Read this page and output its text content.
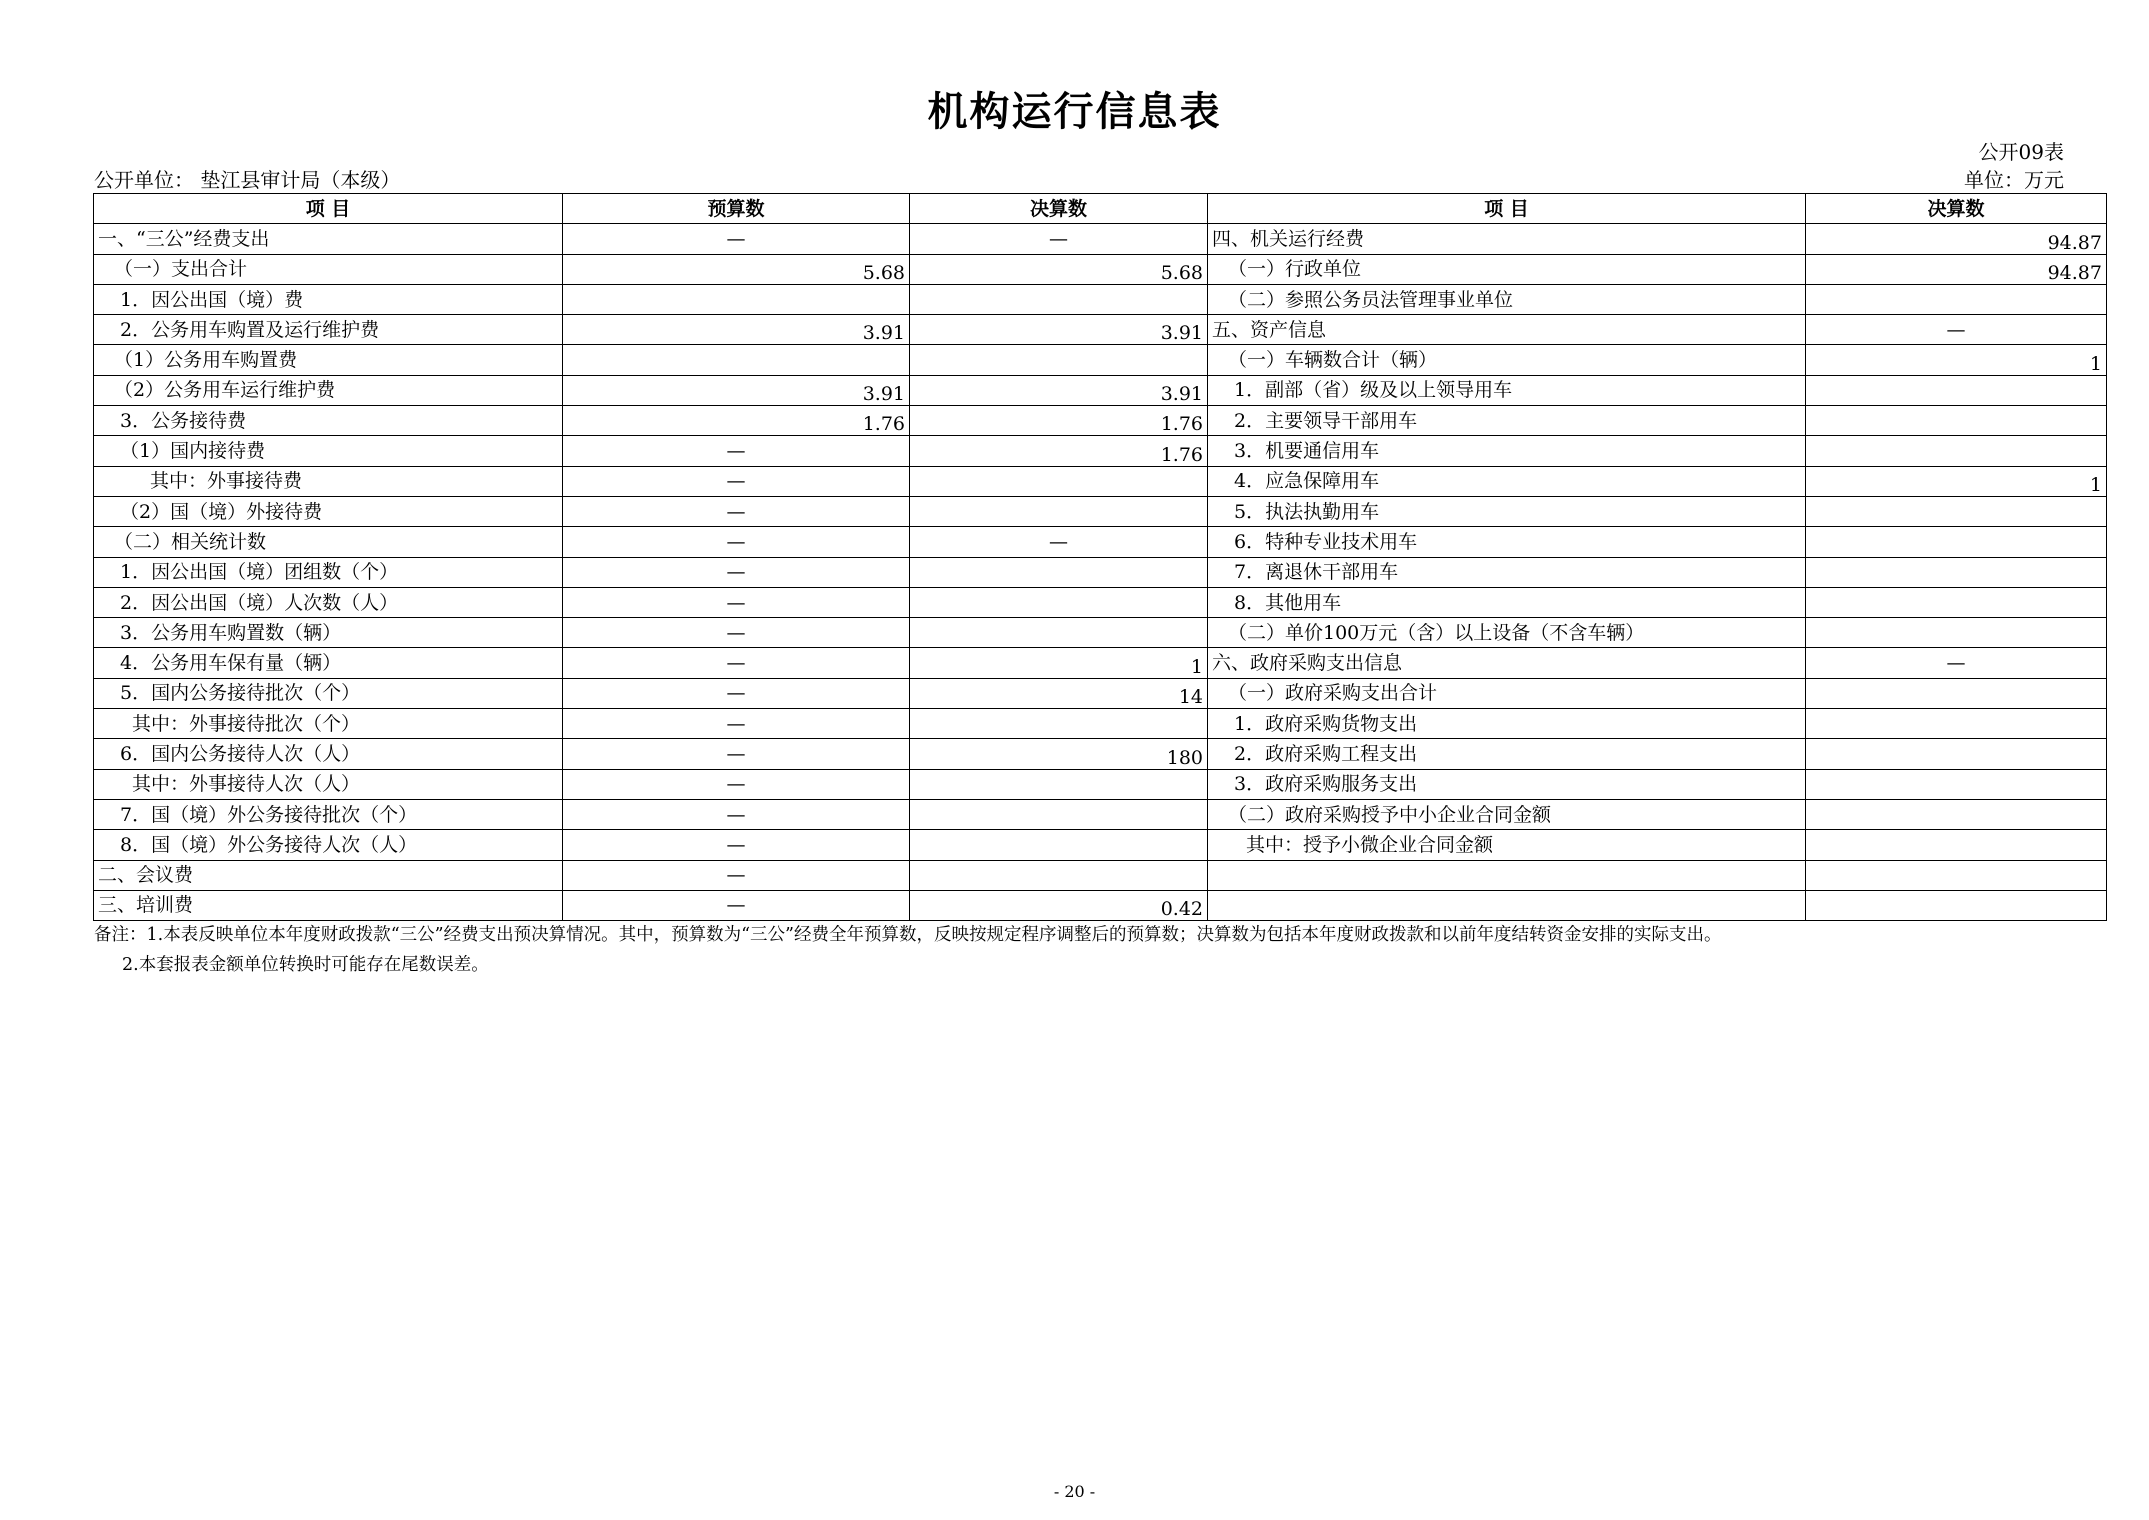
机构运行信息表
公开09表
公开单位： 垫江县审计局（本级）	单位：万元
项 目	预算数	决算数	项 目	决算数
一、“三公”经费支出	—	—	四、机关运行经费	94.87
（一）支出合计	5.68	5.68	（一）行政单位	94.87
1．因公出国（境）费			（二）参照公务员法管理事业单位	
2．公务用车购置及运行维护费	3.91	3.91	五、资产信息	—
（1）公务用车购置费			（一）车辆数合计（辆）	1
（2）公务用车运行维护费	3.91	3.91	1．副部（省）级及以上领导用车	
3．公务接待费	1.76	1.76	2．主要领导干部用车	
（1）国内接待费	—	1.76	3．机要通信用车	
其中：外事接待费	—		4．应急保障用车	1
（2）国（境）外接待费	—		5．执法执勤用车	
（二）相关统计数	—	—	6．特种专业技术用车	
1．因公出国（境）团组数（个）	—		7．离退休干部用车	
2．因公出国（境）人次数（人）	—		8．其他用车	
3．公务用车购置数（辆）	—		（二）单价100万元（含）以上设备（不含车辆）	
4．公务用车保有量（辆）	—	1	六、政府采购支出信息	—
5．国内公务接待批次（个）	—	14	（一）政府采购支出合计	
其中：外事接待批次（个）	—		1．政府采购货物支出	
6．国内公务接待人次（人）	—	180	2．政府采购工程支出	
其中：外事接待人次（人）	—		3．政府采购服务支出	
7．国（境）外公务接待批次（个）	—		（二）政府采购授予中小企业合同金额	
8．国（境）外公务接待人次（人）	—		其中：授予小微企业合同金额	
二、会议费	—			
三、培训费	—	0.42		
备注：1.本表反映单位本年度财政拨款“三公”经费支出预决算情况。其中，预算数为“三公”经费全年预算数，反映按规定程序调整后的预算数；决算数为包括本年度财政拨款和以前年度结转资金安排的实际支出。
2.本套报表金额单位转换时可能存在尾数误差。
- 20 -
